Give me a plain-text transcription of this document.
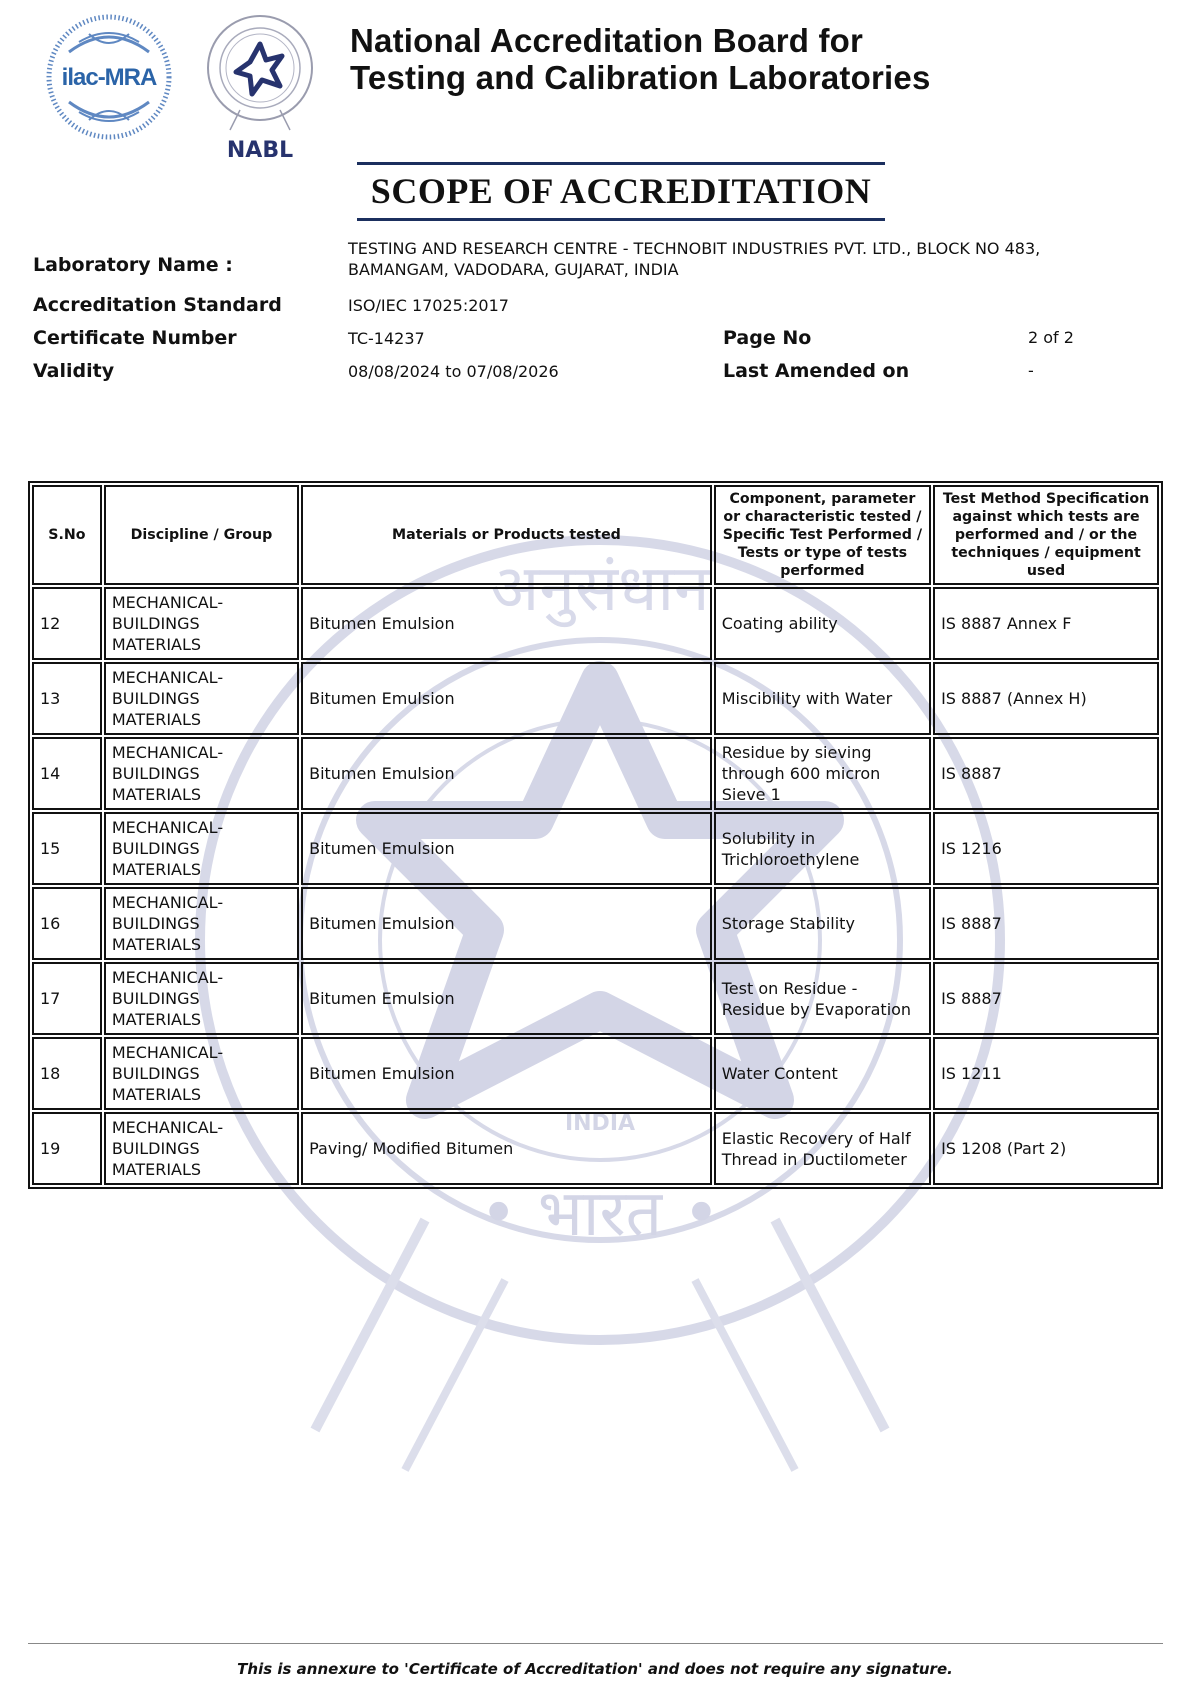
• भारत •
INDIA
अनुसंधान
ilac-MRA
NABL
National Accreditation Board for
Testing and Calibration Laboratories
SCOPE OF ACCREDITATION
Laboratory Name :
TESTING AND RESEARCH CENTRE - TECHNOBIT INDUSTRIES PVT. LTD., BLOCK NO 483,
BAMANGAM, VADODARA, GUJARAT, INDIA
Accreditation Standard	ISO/IEC 17025:2017
Certificate Number	TC-14237	Page No	2 of 2
Validity	08/08/2024 to 07/08/2026	Last Amended on	-
S.No	Discipline / Group	Materials or Products tested	Component, parameter or characteristic tested / Specific Test Performed / Tests or type of tests performed	Test Method Specification against which tests are performed and / or the techniques / equipment used
12	MECHANICAL- BUILDINGS MATERIALS	Bitumen Emulsion	Coating ability	IS 8887 Annex F
13	MECHANICAL- BUILDINGS MATERIALS	Bitumen Emulsion	Miscibility with Water	IS 8887 (Annex H)
14	MECHANICAL- BUILDINGS MATERIALS	Bitumen Emulsion	Residue by sieving through 600 micron Sieve 1	IS 8887
15	MECHANICAL- BUILDINGS MATERIALS	Bitumen Emulsion	Solubility in Trichloroethylene	IS 1216
16	MECHANICAL- BUILDINGS MATERIALS	Bitumen Emulsion	Storage Stability	IS 8887
17	MECHANICAL- BUILDINGS MATERIALS	Bitumen Emulsion	Test on Residue - Residue by Evaporation	IS 8887
18	MECHANICAL- BUILDINGS MATERIALS	Bitumen Emulsion	Water Content	IS 1211
19	MECHANICAL- BUILDINGS MATERIALS	Paving/ Modified Bitumen	Elastic Recovery of Half Thread in Ductilometer	IS 1208 (Part 2)
This is annexure to 'Certificate of Accreditation' and does not require any signature.
